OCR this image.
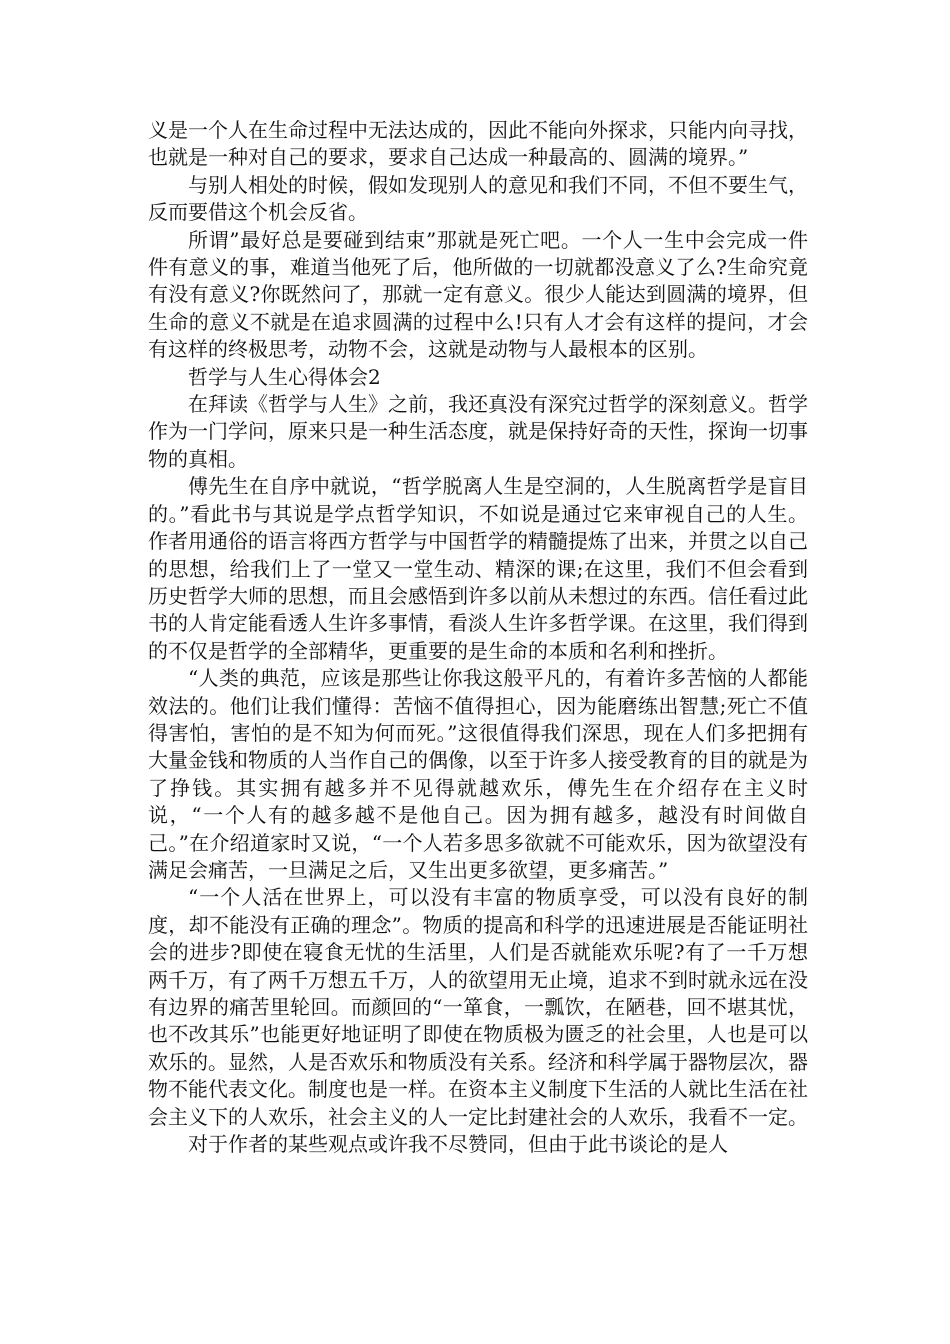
义是一个人在生命过程中无法达成的，因此不能向外探求，只能内向寻找，也就是一种对自己的要求，要求自己达成一种最高的、圆满的境界。”

与别人相处的时候，假如发现别人的意见和我们不同，不但不要生气，反而要借这个机会反省。

所谓”最好总是要碰到结束”那就是死亡吧。一个人一生中会完成一件件有意义的事，难道当他死了后，他所做的一切就都没意义了么?生命究竟有没有意义?你既然问了，那就一定有意义。很少人能达到圆满的境界，但生命的意义不就是在追求圆满的过程中么!只有人才会有这样的提问，才会有这样的终极思考，动物不会，这就是动物与人最根本的区别。

哲学与人生心得体会2

在拜读《哲学与人生》之前，我还真没有深究过哲学的深刻意义。哲学作为一门学问，原来只是一种生活态度，就是保持好奇的天性，探询一切事物的真相。

傅先生在自序中就说，“哲学脱离人生是空洞的，人生脱离哲学是盲目的。”看此书与其说是学点哲学知识，不如说是通过它来审视自己的人生。作者用通俗的语言将西方哲学与中国哲学的精髓提炼了出来，并贯之以自己的思想，给我们上了一堂又一堂生动、精深的课;在这里，我们不但会看到历史哲学大师的思想，而且会感悟到许多以前从未想过的东西。信任看过此书的人肯定能看透人生许多事情，看淡人生许多哲学课。在这里，我们得到的不仅是哲学的全部精华，更重要的是生命的本质和名利和挫折。

“人类的典范，应该是那些让你我这般平凡的，有着许多苦恼的人都能效法的。他们让我们懂得：苦恼不值得担心，因为能磨练出智慧;死亡不值得害怕，害怕的是不知为何而死。”这很值得我们深思，现在人们多把拥有大量金钱和物质的人当作自己的偶像，以至于许多人接受教育的目的就是为了挣钱。其实拥有越多并不见得就越欢乐，傅先生在介绍存在主义时说，“一个人有的越多越不是他自己。因为拥有越多，越没有时间做自己。”在介绍道家时又说，“一个人若多思多欲就不可能欢乐，因为欲望没有满足会痛苦，一旦满足之后，又生出更多欲望，更多痛苦。”

“一个人活在世界上，可以没有丰富的物质享受，可以没有良好的制度，却不能没有正确的理念”。物质的提高和科学的迅速进展是否能证明社会的进步?即使在寝食无忧的生活里，人们是否就能欢乐呢?有了一千万想两千万，有了两千万想五千万，人的欲望用无止境，追求不到时就永远在没有边界的痛苦里轮回。而颜回的“一箪食，一瓢饮，在陋巷，回不堪其忧，也不改其乐”也能更好地证明了即使在物质极为匮乏的社会里，人也是可以欢乐的。显然，人是否欢乐和物质没有关系。经济和科学属于器物层次，器物不能代表文化。制度也是一样。在资本主义制度下生活的人就比生活在社会主义下的人欢乐，社会主义的人一定比封建社会的人欢乐，我看不一定。

对于作者的某些观点或许我不尽赞同，但由于此书谈论的是人
